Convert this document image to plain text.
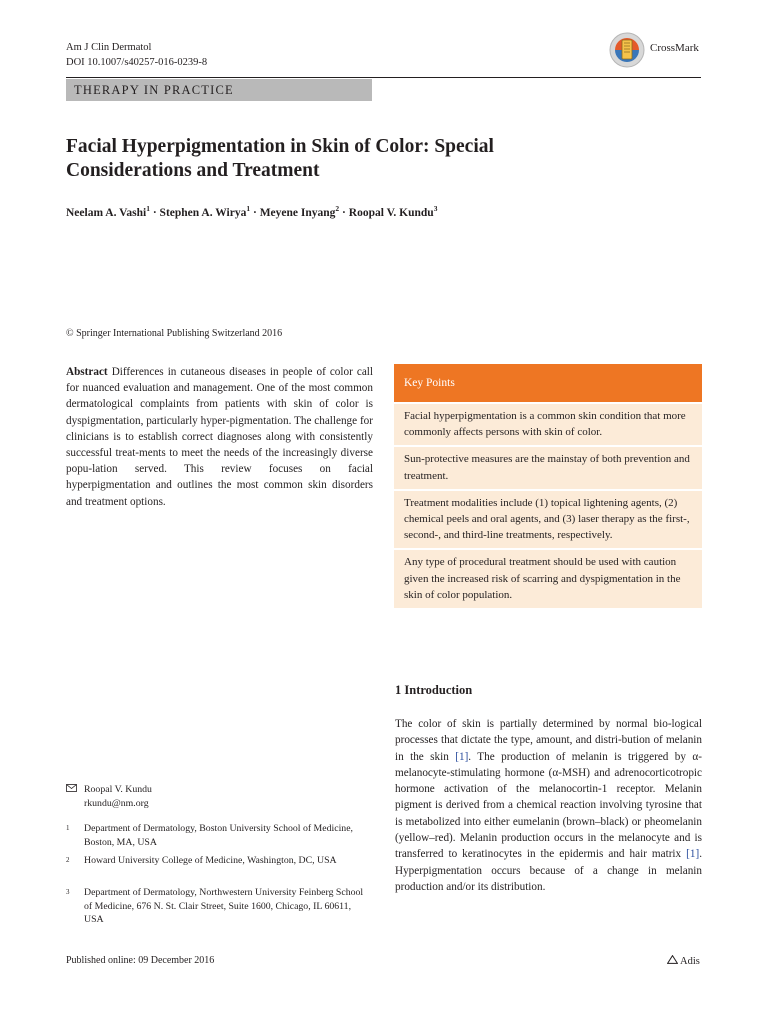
Am J Clin Dermatol
DOI 10.1007/s40257-016-0239-8
CrossMark
THERAPY IN PRACTICE
Facial Hyperpigmentation in Skin of Color: Special Considerations and Treatment
Neelam A. Vashi$^1$ · Stephen A. Wirya$^1$ · Meyene Inyang$^2$ · Roopal V. Kundu$^3$
© Springer International Publishing Switzerland 2016
Abstract Differences in cutaneous diseases in people of color call for nuanced evaluation and management. One of the most common dermatological complaints from patients with skin of color is dyspigmentation, particularly hyper-pigmentation. The challenge for clinicians is to establish correct diagnoses along with consistently successful treat-ments to meet the needs of the increasingly diverse popu-lation served. This review focuses on facial hyperpigmentation and outlines the most common skin disorders and treatment options.
Key Points
Facial hyperpigmentation is a common skin condition that more commonly affects persons with skin of color.
Sun-protective measures are the mainstay of both prevention and treatment.
Treatment modalities include (1) topical lightening agents, (2) chemical peels and oral agents, and (3) laser therapy as the first-, second-, and third-line treatments, respectively.
Any type of procedural treatment should be used with caution given the increased risk of scarring and dyspigmentation in the skin of color population.
1 Introduction
The color of skin is partially determined by normal bio-logical processes that dictate the type, amount, and distri-bution of melanin in the skin [1]. The production of melanin is triggered by α-melanocyte-stimulating hormone (α-MSH) and adrenocorticotropic hormone activation of the melanocortin-1 receptor. Melanin pigment is derived from a chemical reaction involving tyrosine that is metabolized into either eumelanin (brown–black) or pheomelanin (yellow–red). Melanin production occurs in the melanocyte and is transferred to keratinocytes in the epidermis and hair matrix [1]. Hyperpigmentation occurs because of a change in melanin production and/or its distribution.
Roopal V. Kundu
rkundu@nm.org
1 Department of Dermatology, Boston University School of Medicine, Boston, MA, USA
2 Howard University College of Medicine, Washington, DC, USA
3 Department of Dermatology, Northwestern University Feinberg School of Medicine, 676 N. St. Clair Street, Suite 1600, Chicago, IL 60611, USA
Published online: 09 December 2016	Adis
